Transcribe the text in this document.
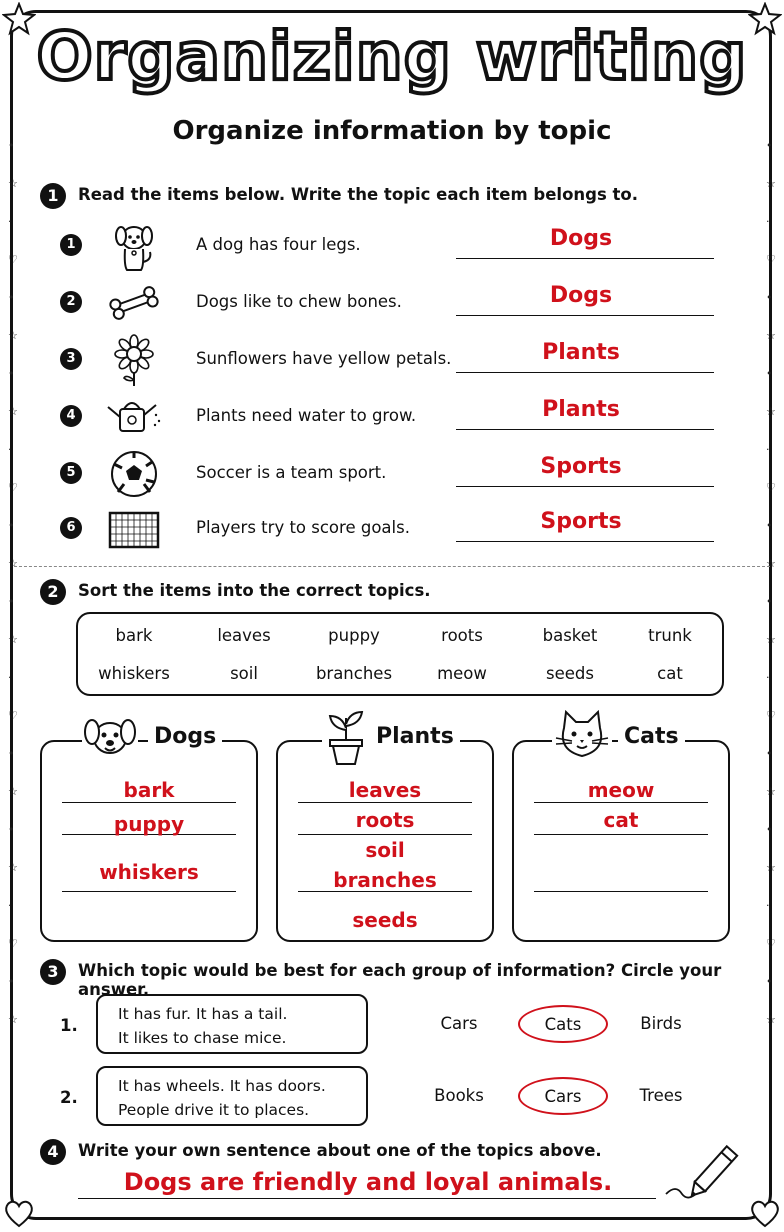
•
☆
·
♡
•
☆
•
☆
·
♡
•
☆
•
☆
·
♡
•
☆
•
☆
·
♡
•
☆
•
☆
·
♡
•
☆
•
☆
·
♡
•
☆
•
☆
·
♡
•
☆
•
☆
·
♡
•
☆
Organizing writing
Organize information by topic
1	Read the items below. Write the topic each item belongs to.
1	A dog has four legs.	Dogs
2	Dogs like to chew bones.	Dogs
3	Sunflowers have yellow petals.	Plants
4	Plants need water to grow.	Plants
5	Soccer is a team sport.	Sports
6	Players try to score goals.	Sports
2	Sort the items into the correct topics.
bark	leaves	puppy	roots	basket	trunk
whiskers	soil	branches	meow	seeds	cat
Dogs	Plants	Cats
bark
puppy
whiskers
leaves
roots
soil
branches
seeds
meow
cat
3	Which topic would be best for each group of information? Circle your answer.
1.
It has fur. It has a tail.
It likes to chase mice.
2.
It has wheels. It has doors.
People drive it to places.
Cars	Cats	Birds
Books	Cars	Trees
4	Write your own sentence about one of the topics above.
Dogs are friendly and loyal animals.
